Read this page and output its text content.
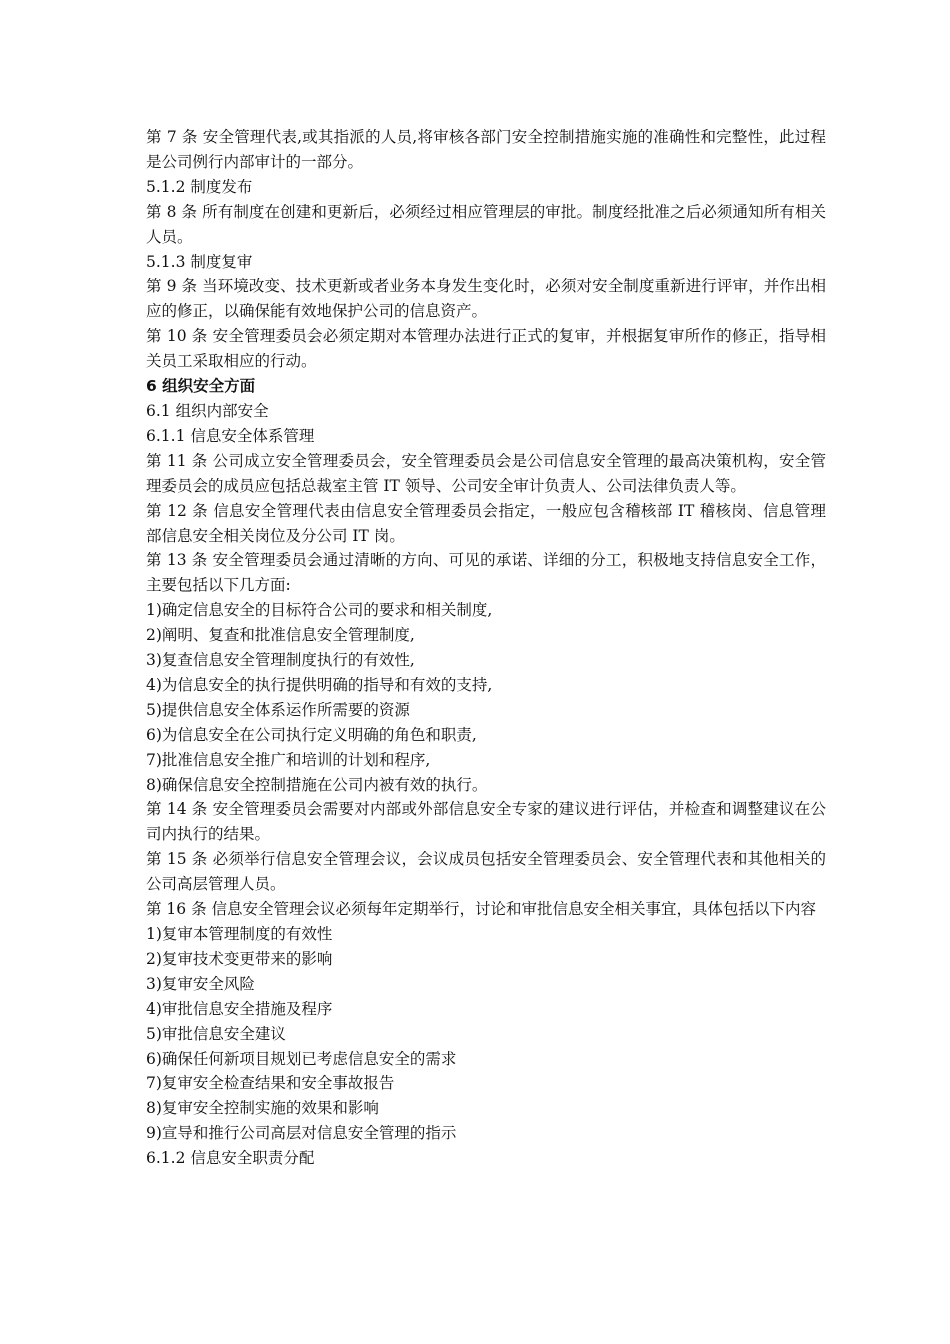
第 7 条 安全管理代表,或其指派的人员,将审核各部门安全控制措施实施的准确性和完整性，此过程是公司例行内部审计的一部分。

5.1.2 制度发布

第 8 条 所有制度在创建和更新后，必须经过相应管理层的审批。制度经批准之后必须通知所有相关人员。

5.1.3 制度复审

第 9 条 当环境改变、技术更新或者业务本身发生变化时，必须对安全制度重新进行评审，并作出相应的修正，以确保能有效地保护公司的信息资产。

第 10 条 安全管理委员会必须定期对本管理办法进行正式的复审，并根据复审所作的修正，指导相关员工采取相应的行动。

6 组织安全方面

6.1 组织内部安全

6.1.1 信息安全体系管理

第 11 条 公司成立安全管理委员会，安全管理委员会是公司信息安全管理的最高决策机构，安全管理委员会的成员应包括总裁室主管 IT 领导、公司安全审计负责人、公司法律负责人等。

第 12 条 信息安全管理代表由信息安全管理委员会指定，一般应包含稽核部 IT 稽核岗、信息管理部信息安全相关岗位及分公司 IT 岗。

第 13 条 安全管理委员会通过清晰的方向、可见的承诺、详细的分工，积极地支持信息安全工作，主要包括以下几方面:

1)确定信息安全的目标符合公司的要求和相关制度,

2)阐明、复查和批准信息安全管理制度,

3)复查信息安全管理制度执行的有效性,

4)为信息安全的执行提供明确的指导和有效的支持,

5)提供信息安全体系运作所需要的资源

6)为信息安全在公司执行定义明确的角色和职责,

7)批准信息安全推广和培训的计划和程序,

8)确保信息安全控制措施在公司内被有效的执行。

第 14 条 安全管理委员会需要对内部或外部信息安全专家的建议进行评估，并检查和调整建议在公司内执行的结果。

第 15 条 必须举行信息安全管理会议，会议成员包括安全管理委员会、安全管理代表和其他相关的公司高层管理人员。

第 16 条 信息安全管理会议必须每年定期举行，讨论和审批信息安全相关事宜，具体包括以下内容

1)复审本管理制度的有效性

2)复审技术变更带来的影响

3)复审安全风险

4)审批信息安全措施及程序

5)审批信息安全建议

6)确保任何新项目规划已考虑信息安全的需求

7)复审安全检查结果和安全事故报告

8)复审安全控制实施的效果和影响

9)宣导和推行公司高层对信息安全管理的指示

6.1.2 信息安全职责分配
